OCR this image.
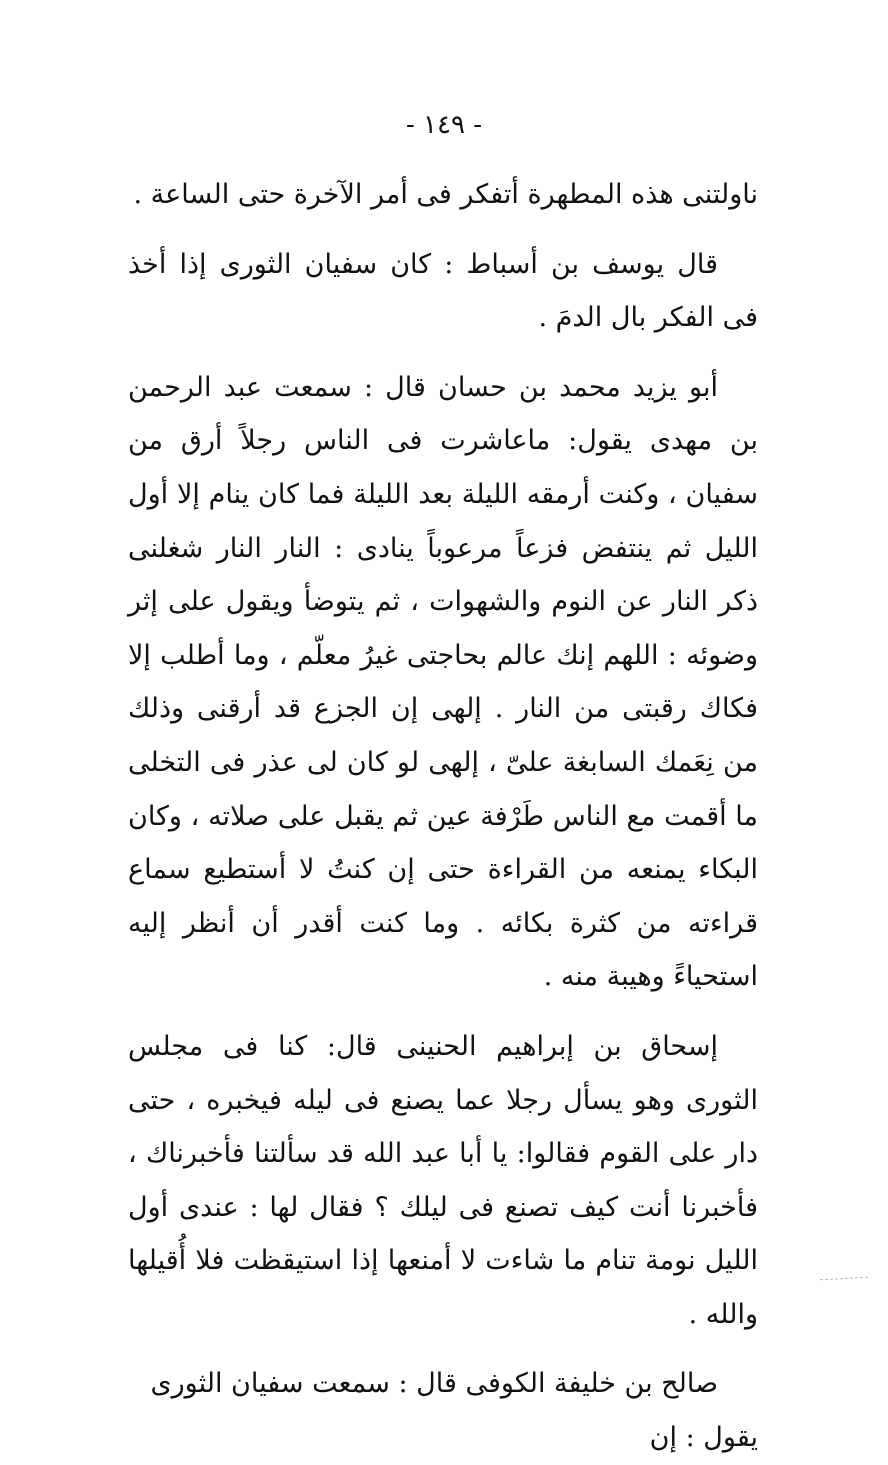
- ١٤٩ -

ناولتنى هذه المطهرة أتفكر فى أمر الآخرة حتى الساعة .

قال يوسف بن أسباط : كان سفيان الثورى إذا أخذ فى الفكر بال الدمَ .

أبو يزيد محمد بن حسان قال : سمعت عبد الرحمن بن مهدى يقول: ماعاشرت فى الناس رجلاً أرق من سفيان ، وكنت أرمقه الليلة بعد الليلة فما كان ينام إلا أول الليل ثم ينتفض فزعاً مرعوباً ينادى : النار النار شغلنى ذكر النار عن النوم والشهوات ، ثم يتوضأ ويقول على إثر وضوئه : اللهم إنك عالم بحاجتى غيرُ معلّم ، وما أطلب إلا فكاك رقبتى من النار . إلهى إن الجزع قد أرقنى وذلك من نِعَمك السابغة علىّ ، إلهى لو كان لى عذر فى التخلى ما أقمت مع الناس طَرْفة عين ثم يقبل على صلاته ، وكان البكاء يمنعه من القراءة حتى إن كنتُ لا أستطيع سماع قراءته من كثرة بكائه . وما كنت أقدر أن أنظر إليه استحياءً وهيبة منه .

إسحاق بن إبراهيم الحنينى قال: كنا فى مجلس الثورى وهو يسأل رجلا عما يصنع فى ليله فيخبره ، حتى دار على القوم فقالوا: يا أبا عبد الله قد سألتنا فأخبرناك ، فأخبرنا أنت كيف تصنع فى ليلك ؟ فقال لها : عندى أول الليل نومة تنام ما شاءت لا أمنعها إذا استيقظت فلا أُقيلها والله .

صالح بن خليفة الكوفى قال : سمعت سفيان الثورى يقول : إن
